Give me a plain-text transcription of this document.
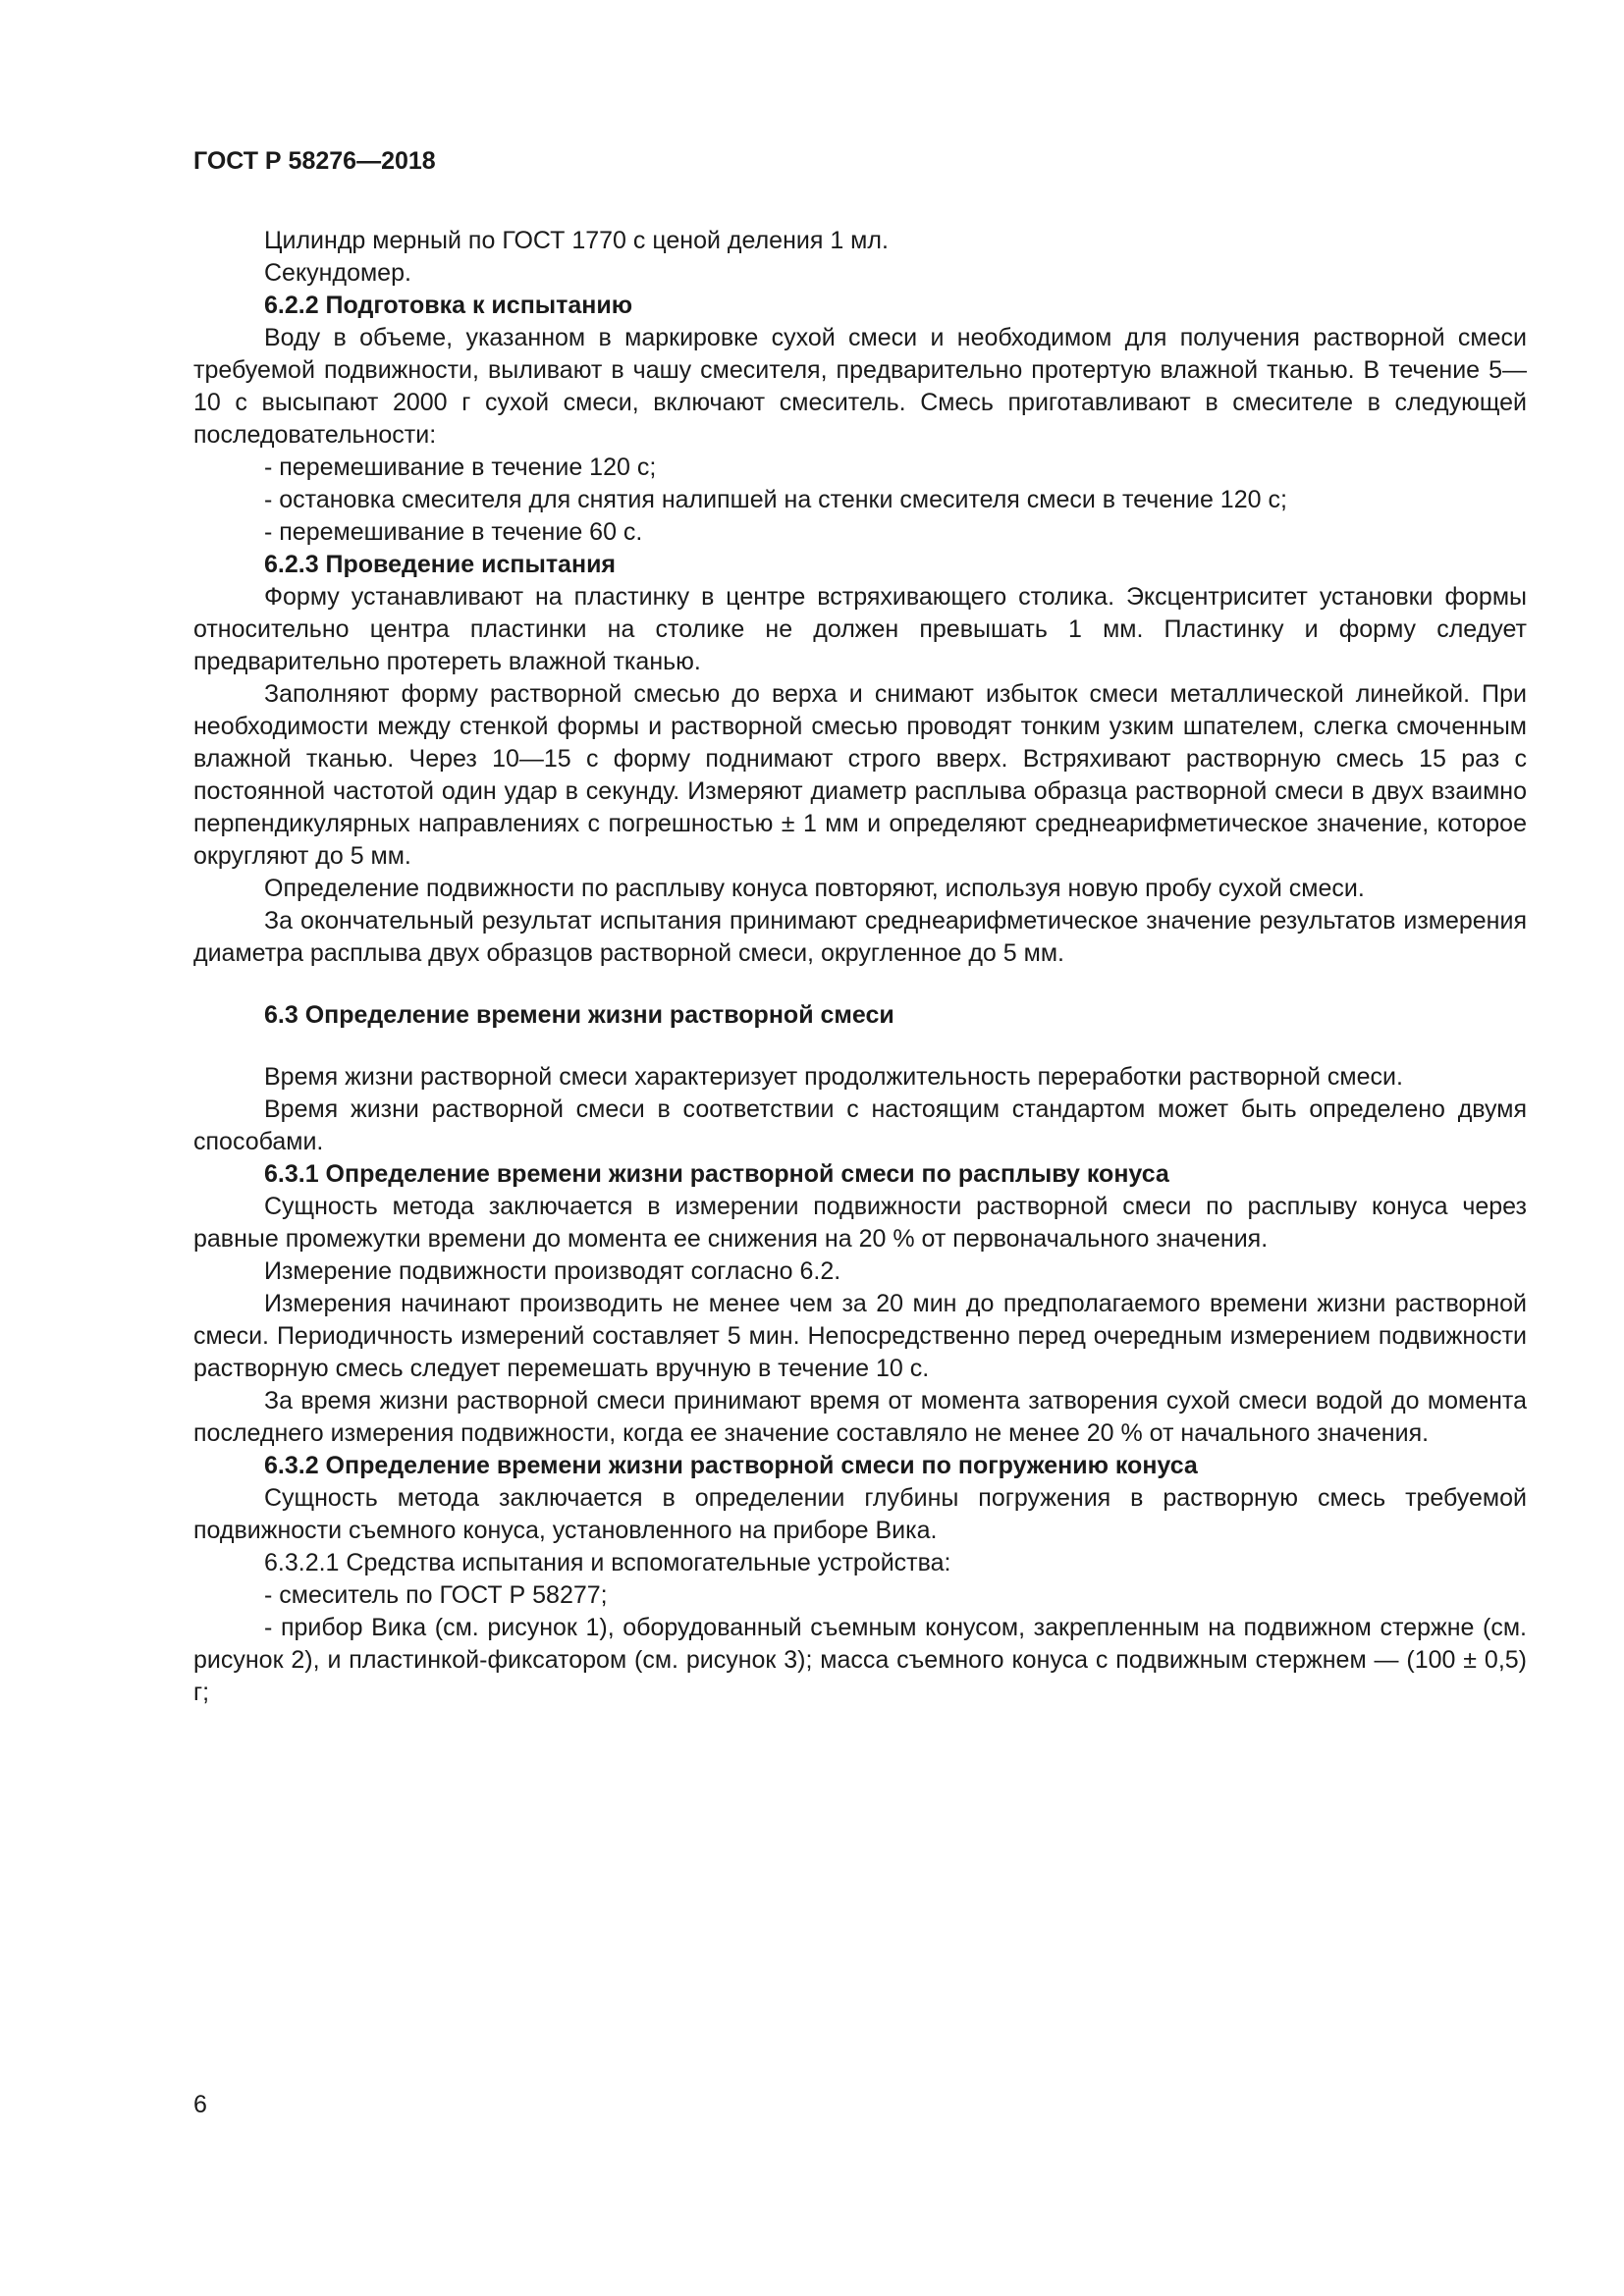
ГОСТ Р 58276—2018

Цилиндр мерный по ГОСТ 1770 с ценой деления 1 мл.

Секундомер.

6.2.2 Подготовка к испытанию

Воду в объеме, указанном в маркировке сухой смеси и необходимом для получения растворной смеси требуемой подвижности, выливают в чашу смесителя, предварительно протертую влажной тканью. В течение 5—10 с высыпают 2000 г сухой смеси, включают смеситель. Смесь приготавливают в смесителе в следующей последовательности:

- перемешивание в течение 120 с;

- остановка смесителя для снятия налипшей на стенки смесителя смеси в течение 120 с;

- перемешивание в течение 60 с.

6.2.3 Проведение испытания

Форму устанавливают на пластинку в центре встряхивающего столика. Эксцентриситет установки формы относительно центра пластинки на столике не должен превышать 1 мм. Пластинку и форму следует предварительно протереть влажной тканью.

Заполняют форму растворной смесью до верха и снимают избыток смеси металлической линейкой. При необходимости между стенкой формы и растворной смесью проводят тонким узким шпателем, слегка смоченным влажной тканью. Через 10—15 с форму поднимают строго вверх. Встряхивают растворную смесь 15 раз с постоянной частотой один удар в секунду. Измеряют диаметр расплыва образца растворной смеси в двух взаимно перпендикулярных направлениях с погрешностью ± 1 мм и определяют среднеарифметическое значение, которое округляют до 5 мм.

Определение подвижности по расплыву конуса повторяют, используя новую пробу сухой смеси.

За окончательный результат испытания принимают среднеарифметическое значение результатов измерения диаметра расплыва двух образцов растворной смеси, округленное до 5 мм.

6.3 Определение времени жизни растворной смеси

Время жизни растворной смеси характеризует продолжительность переработки растворной смеси.

Время жизни растворной смеси в соответствии с настоящим стандартом может быть определено двумя способами.

6.3.1 Определение времени жизни растворной смеси по расплыву конуса

Сущность метода заключается в измерении подвижности растворной смеси по расплыву конуса через равные промежутки времени до момента ее снижения на 20 % от первоначального значения.

Измерение подвижности производят согласно 6.2.

Измерения начинают производить не менее чем за 20 мин до предполагаемого времени жизни растворной смеси. Периодичность измерений составляет 5 мин. Непосредственно перед очередным измерением подвижности растворную смесь следует перемешать вручную в течение 10 с.

За время жизни растворной смеси принимают время от момента затворения сухой смеси водой до момента последнего измерения подвижности, когда ее значение составляло не менее 20 % от начального значения.

6.3.2 Определение времени жизни растворной смеси по погружению конуса

Сущность метода заключается в определении глубины погружения в растворную смесь требуемой подвижности съемного конуса, установленного на приборе Вика.

6.3.2.1 Средства испытания и вспомогательные устройства:

- смеситель по ГОСТ Р 58277;

- прибор Вика (см. рисунок 1), оборудованный съемным конусом, закрепленным на подвижном стержне (см. рисунок 2), и пластинкой-фиксатором (см. рисунок 3); масса съемного конуса с подвижным стержнем — (100 ± 0,5) г;

6
